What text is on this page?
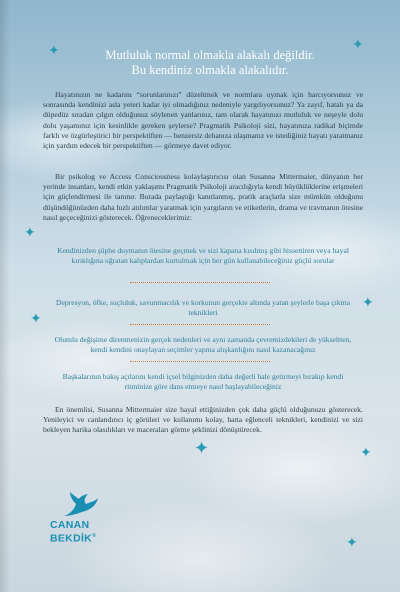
✦	✦
✦
✦
✦
✦	✦
✦
Mutluluk normal olmakla alakalı değildir.
Bu kendiniz olmakla alakalıdır.

Hayatınızın ne kadarını “sorunlarınızı” düzeltmek ve normlara uymak için harcıyorsunuz ve sonrasında kendinizi asla yeteri kadar iyi olmadığınız nedeniyle yargılıyorsunuz? Ya zayıf, hatalı ya da düpedüz sıradan çılgın olduğunuz söylenen yanlarınız, tam olarak hayatınızı mutluluk ve neşeyle dolu dolu yaşamınız için kesinlikle gereken şeylerse? Pragmatik Psikoloji sizi, hayatınıza radikal biçimde farklı ve özgürleştirici bir perspektiften — benzersiz dehanıza ulaşmanız ve istediğiniz hayatı yaratmanız için yardım edecek bir perspektiften — görmeye davet ediyor.

Bir psikolog ve Access Consciousness kolaylaştırıcısı olan Susanna Mittermaier, dünyanın her yerinde insanları, kendi etkin yaklaşımı Pragmatik Psikoloji aracılığıyla kendi büyüklüklerine erişmeleri için güçlendirmesi ile tanınır. Burada paylaştığı kanıtlanmış, pratik araçlarla size mümkün olduğunu düşündüğünüzden daha hızlı atılımlar yaratmak için yargıların ve etiketlerin, drama ve travmanın ötesine nasıl geçeceğinizi gösterecek. Öğreneceklerimiz:

Kendinizden şüphe duymanın ötesine geçmek ve sizi kapana kısılmış gibi hissettiren veya hayal kırıklığına uğratan kalıplardan kurtulmak için her gün kullanabileceğiniz güçlü sorular
Depresyon, öfke, suçluluk, savunmacılık ve korkunun gerçekte altında yatan şeylerle başa çıkma teknikleri
Olumlu değişime direnmenizin gerçek nedenleri ve aynı zamanda çevremizdekileri de yükseltten, kendi kendini onaylayan seçimler yapma alışkanlığını nasıl kazanacağınız
Başkalarının bakış açılarını kendi içsel bilginizden daha değerli hale getirmeyi bırakıp kendi ritminize göre dans etmeye nasıl başlayabileceğiniz

En önemlisi, Susanna Mittermaier size hayal ettiğinizden çok daha güçlü olduğunuzu gösterecek. Yenileyici ve canlandırıcı iç görüleri ve kullanımı kolay, hatta eğlenceli teknikleri, kendinizi ve sizi bekleyen harika olasılıkları ve maceraları görme şeklinizi dönüştürecek.

CANAN
BEKDİK®
